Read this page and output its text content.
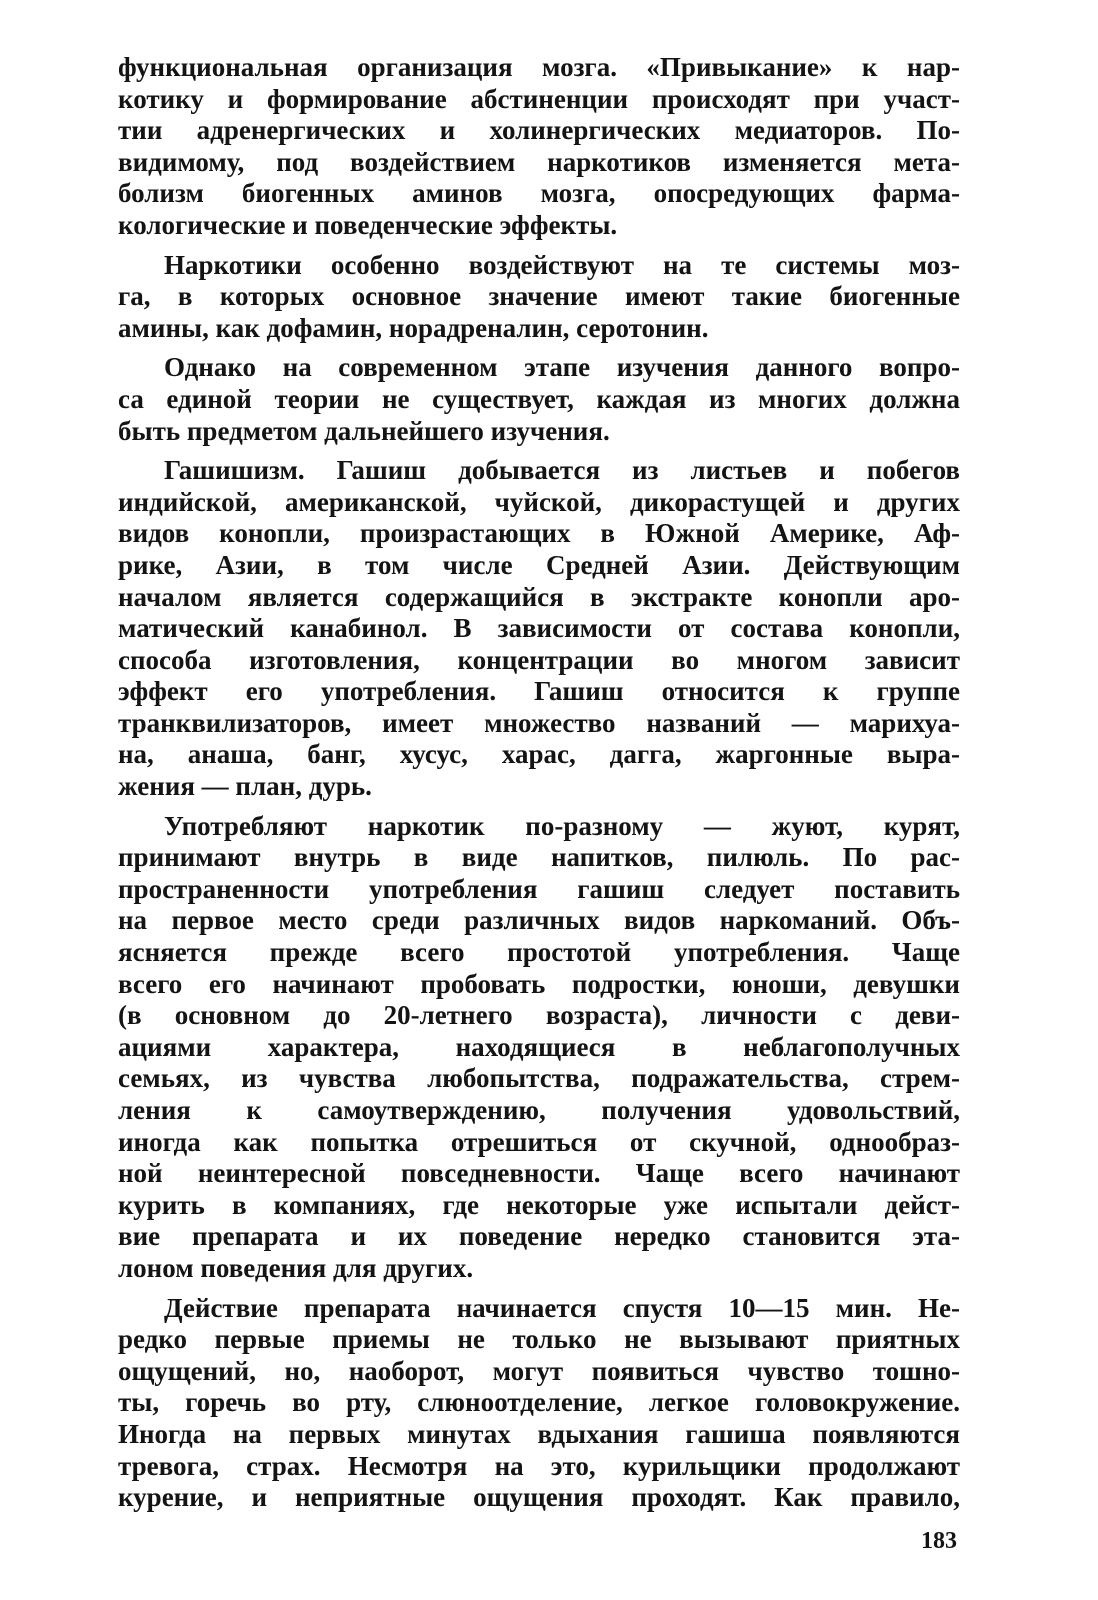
функциональная организация мозга. «Привыкание» к нар-
котику и формирование абстиненции происходят при участ-
тии адренергических и холинергических медиаторов. По-
видимому, под воздействием наркотиков изменяется мета-
болизм биогенных аминов мозга, опосредующих фарма-
кологические и поведенческие эффекты.
Наркотики особенно воздействуют на те системы моз-
га, в которых основное значение имеют такие биогенные
амины, как дофамин, норадреналин, серотонин.
Однако на современном этапе изучения данного вопро-
са единой теории не существует, каждая из многих должна
быть предметом дальнейшего изучения.
Гашишизм. Гашиш добывается из листьев и побегов
индийской, американской, чуйской, дикорастущей и других
видов конопли, произрастающих в Южной Америке, Аф-
рике, Азии, в том числе Средней Азии. Действующим
началом является содержащийся в экстракте конопли аро-
матический канабинол. В зависимости от состава конопли,
способа изготовления, концентрации во многом зависит
эффект его употребления. Гашиш относится к группе
транквилизаторов, имеет множество названий — марихуа-
на, анаша, банг, хусус, харас, дагга, жаргонные выра-
жения — план, дурь.
Употребляют наркотик по-разному — жуют, курят,
принимают внутрь в виде напитков, пилюль. По рас-
пространенности употребления гашиш следует поставить
на первое место среди различных видов наркоманий. Объ-
ясняется прежде всего простотой употребления. Чаще
всего его начинают пробовать подростки, юноши, девушки
(в основном до 20-летнего возраста), личности с деви-
ациями характера, находящиеся в неблагополучных
семьях, из чувства любопытства, подражательства, стрем-
ления к самоутверждению, получения удовольствий,
иногда как попытка отрешиться от скучной, однообраз-
ной неинтересной повседневности. Чаще всего начинают
курить в компаниях, где некоторые уже испытали дейст-
вие препарата и их поведение нередко становится эта-
лоном поведения для других.
Действие препарата начинается спустя 10—15 мин. Не-
редко первые приемы не только не вызывают приятных
ощущений, но, наоборот, могут появиться чувство тошно-
ты, горечь во рту, слюноотделение, легкое головокружение.
Иногда на первых минутах вдыхания гашиша появляются
тревога, страх. Несмотря на это, курильщики продолжают
курение, и неприятные ощущения проходят. Как правило,
183
